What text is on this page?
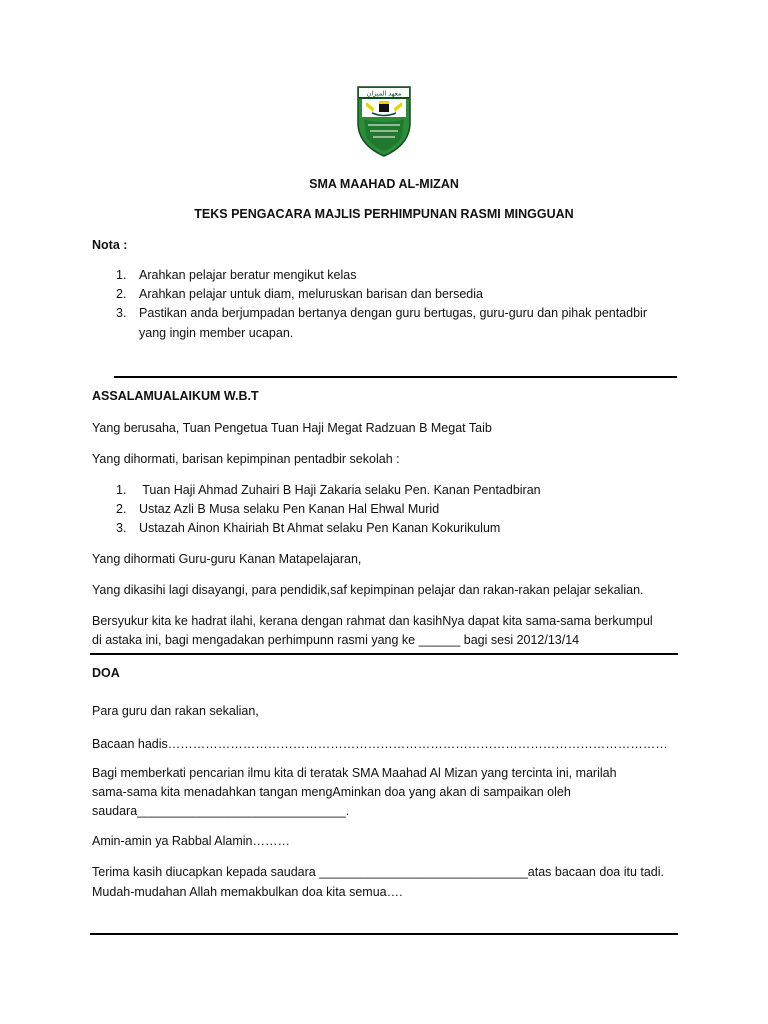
معهد الميزان
SMA MAAHAD AL-MIZAN
TEKS PENGACARA MAJLIS PERHIMPUNAN RASMI MINGGUAN
Nota :
1.	Arahkan pelajar beratur mengikut kelas
2.	Arahkan pelajar untuk diam, meluruskan barisan dan bersedia
3.	Pastikan anda berjumpadan bertanya dengan guru bertugas, guru-guru dan pihak pentadbir
yang ingin member ucapan.
ASSALAMUALAIKUM W.B.T
Yang berusaha, Tuan Pengetua Tuan Haji Megat Radzuan B Megat Taib
Yang dihormati, barisan kepimpinan pentadbir sekolah :
1.	Tuan Haji Ahmad Zuhairi B Haji Zakaria selaku Pen. Kanan Pentadbiran
2.	Ustaz Azli B Musa selaku Pen Kanan Hal Ehwal Murid
3.	Ustazah Ainon Khairiah Bt Ahmat selaku Pen Kanan Kokurikulum
Yang dihormati Guru-guru Kanan Matapelajaran,
Yang dikasihi lagi disayangi, para pendidik,saf kepimpinan pelajar dan rakan-rakan pelajar sekalian.
Bersyukur kita ke hadrat ilahi, kerana dengan rahmat dan kasihNya dapat kita sama-sama berkumpul
di astaka ini, bagi mengadakan perhimpunn rasmi yang ke ______ bagi sesi 2012/13/14
DOA
Para guru dan rakan sekalian,
Bacaan hadis…………………………………………………………………………………………………………
Bagi memberkati pencarian ilmu kita di teratak SMA Maahad Al Mizan yang tercinta ini, marilah
sama-sama kita menadahkan tangan mengAminkan doa yang akan di sampaikan oleh
saudara______________________________.
Amin-amin ya Rabbal Alamin………
Terima kasih diucapkan kepada saudara ______________________________atas bacaan doa itu tadi.
Mudah-mudahan Allah memakbulkan doa kita semua….
